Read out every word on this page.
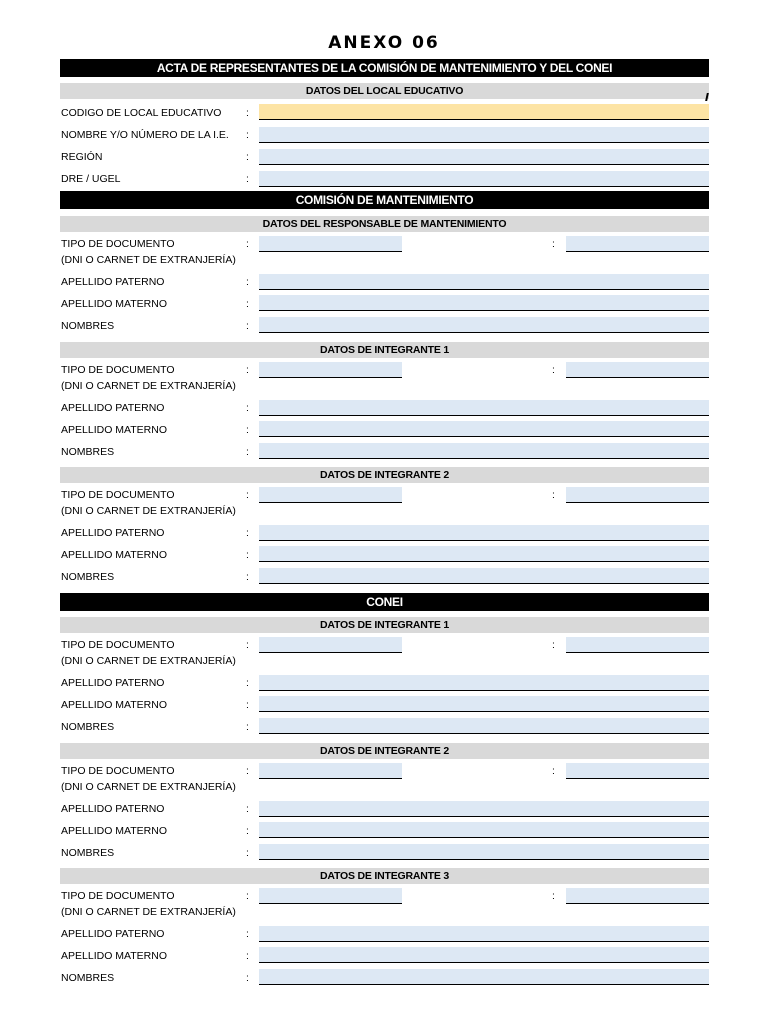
ANEXO 06
ACTA DE REPRESENTANTES DE LA COMISIÓN DE MANTENIMIENTO Y DEL CONEI
DATOS DEL LOCAL EDUCATIVO
CODIGO DE LOCAL EDUCATIVO :
NOMBRE Y/O NÚMERO DE LA I.E. :
REGIÓN	:
DRE / UGEL	:
COMISIÓN DE MANTENIMIENTO
DATOS DEL RESPONSABLE DE MANTENIMIENTO
TIPO DE DOCUMENTO
(DNI O CARNET DE EXTRANJERÍA)
:	:
APELLIDO PATERNO	:
APELLIDO MATERNO	:
NOMBRES	:
DATOS DE INTEGRANTE 1
TIPO DE DOCUMENTO
(DNI O CARNET DE EXTRANJERÍA)
:	:
APELLIDO PATERNO	:
APELLIDO MATERNO	:
NOMBRES	:
DATOS DE INTEGRANTE 2
TIPO DE DOCUMENTO
(DNI O CARNET DE EXTRANJERÍA)
:	:
APELLIDO PATERNO	:
APELLIDO MATERNO	:
NOMBRES	:
CONEI
DATOS DE INTEGRANTE 1
TIPO DE DOCUMENTO
(DNI O CARNET DE EXTRANJERÍA)
:	:
APELLIDO PATERNO	:
APELLIDO MATERNO	:
NOMBRES	:
DATOS DE INTEGRANTE 2
TIPO DE DOCUMENTO
(DNI O CARNET DE EXTRANJERÍA)
:	:
APELLIDO PATERNO	:
APELLIDO MATERNO	:
NOMBRES	:
DATOS DE INTEGRANTE 3
TIPO DE DOCUMENTO
(DNI O CARNET DE EXTRANJERÍA)
:	:
APELLIDO PATERNO	:
APELLIDO MATERNO	:
NOMBRES	:
